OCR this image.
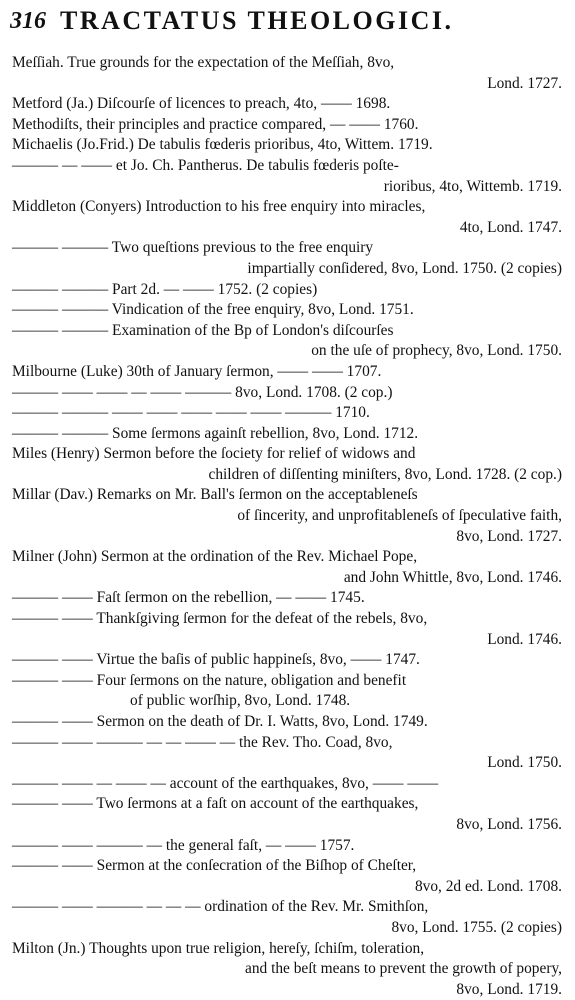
316 TRACTATUS THEOLOGICI.
Meſſiah. True grounds for the expectation of the Meſſiah, 8vo,
Lond. 1727.
Metford (Ja.) Diſcourſe of licences to preach, 4to, —— 1698.
Methodiſts, their principles and practice compared, — —— 1760.
Michaelis (Jo.Frid.) De tabulis fœderis prioribus, 4to, Wittem. 1719.
——— — —— et Jo. Ch. Pantherus. De tabulis fœderis poſte-
rioribus, 4to, Wittemb. 1719.
Middleton (Conyers) Introduction to his free enquiry into miracles,
4to, Lond. 1747.
——— ——— Two queſtions previous to the free enquiry
impartially conſidered, 8vo, Lond. 1750. (2 copies)
——— ——— Part 2d. — —— 1752. (2 copies)
——— ——— Vindication of the free enquiry, 8vo, Lond. 1751.
——— ——— Examination of the Bp of London's diſcourſes
on the uſe of prophecy, 8vo, Lond. 1750.
Milbourne (Luke) 30th of January ſermon, —— —— 1707.
——— —— —— — —— ——— 8vo, Lond. 1708. (2 cop.)
——— ——— —— —— —— —— —— ——— 1710.
——— ——— Some ſermons againſt rebellion, 8vo, Lond. 1712.
Miles (Henry) Sermon before the ſociety for relief of widows and
children of diſſenting miniſters, 8vo, Lond. 1728. (2 cop.)
Millar (Dav.) Remarks on Mr. Ball's ſermon on the acceptableneſs
of ſincerity, and unprofitableneſs of ſpeculative faith,
8vo, Lond. 1727.
Milner (John) Sermon at the ordination of the Rev. Michael Pope,
and John Whittle, 8vo, Lond. 1746.
——— —— Faſt ſermon on the rebellion, — —— 1745.
——— —— Thankſgiving ſermon for the defeat of the rebels, 8vo,
Lond. 1746.
——— —— Virtue the baſis of public happineſs, 8vo, —— 1747.
——— —— Four ſermons on the nature, obligation and benefit
of public worſhip, 8vo, Lond. 1748.
——— —— Sermon on the death of Dr. I. Watts, 8vo, Lond. 1749.
——— —— ——— — — —— — the Rev. Tho. Coad, 8vo,
Lond. 1750.
——— —— — —— — account of the earthquakes, 8vo, —— ——
——— —— Two ſermons at a faſt on account of the earthquakes,
8vo, Lond. 1756.
——— —— ——— — the general faſt, — —— 1757.
——— —— Sermon at the conſecration of the Biſhop of Cheſter,
8vo, 2d ed. Lond. 1708.
——— —— ——— — — — ordination of the Rev. Mr. Smithſon,
8vo, Lond. 1755. (2 copies)
Milton (Jn.) Thoughts upon true religion, hereſy, ſchiſm, toleration,
and the beſt means to prevent the growth of popery,
8vo, Lond. 1719.
